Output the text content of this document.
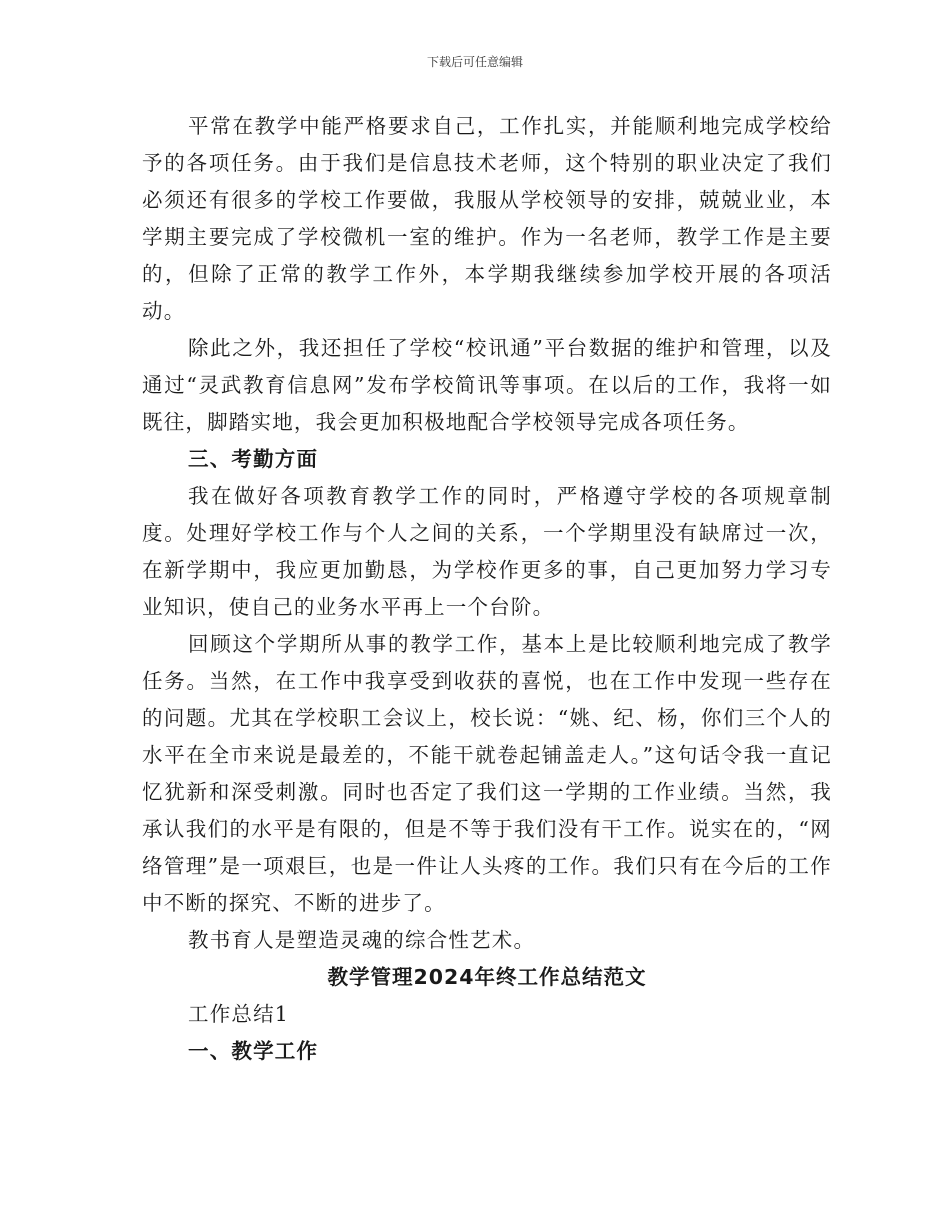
下载后可任意编辑

平常在教学中能严格要求自己，工作扎实，并能顺利地完成学校给予的各项任务。由于我们是信息技术老师，这个特别的职业决定了我们必须还有很多的学校工作要做，我服从学校领导的安排，兢兢业业，本学期主要完成了学校微机一室的维护。作为一名老师，教学工作是主要的，但除了正常的教学工作外，本学期我继续参加学校开展的各项活动。

除此之外，我还担任了学校“校讯通”平台数据的维护和管理，以及通过“灵武教育信息网”发布学校简讯等事项。在以后的工作，我将一如既往，脚踏实地，我会更加积极地配合学校领导完成各项任务。

三、考勤方面

我在做好各项教育教学工作的同时，严格遵守学校的各项规章制度。处理好学校工作与个人之间的关系，一个学期里没有缺席过一次，在新学期中，我应更加勤恳，为学校作更多的事，自己更加努力学习专业知识，使自己的业务水平再上一个台阶。

回顾这个学期所从事的教学工作，基本上是比较顺利地完成了教学任务。当然，在工作中我享受到收获的喜悦，也在工作中发现一些存在的问题。尤其在学校职工会议上，校长说：“姚、纪、杨，你们三个人的水平在全市来说是最差的，不能干就卷起铺盖走人。”这句话令我一直记忆犹新和深受刺激。同时也否定了我们这一学期的工作业绩。当然，我承认我们的水平是有限的，但是不等于我们没有干工作。说实在的，“网络管理”是一项艰巨，也是一件让人头疼的工作。我们只有在今后的工作中不断的探究、不断的进步了。

教书育人是塑造灵魂的综合性艺术。

教学管理2024年终工作总结范文

工作总结1

一、教学工作
